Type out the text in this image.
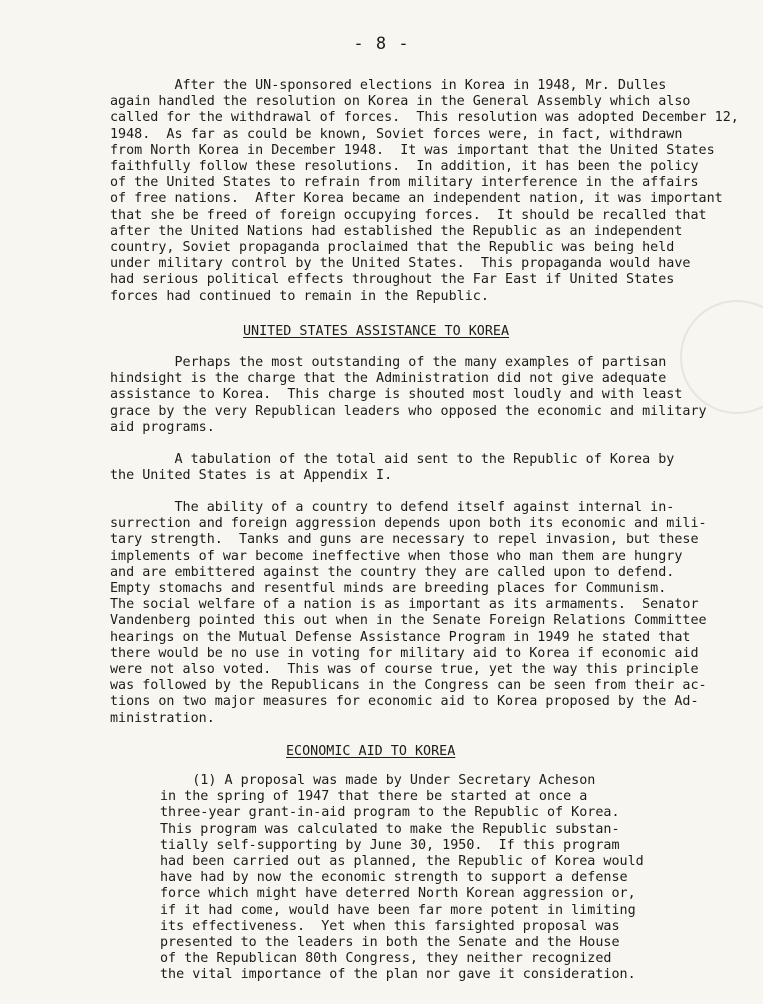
- 8 -

After the UN-sponsored elections in Korea in 1948, Mr. Dulles
again handled the resolution on Korea in the General Assembly which also
called for the withdrawal of forces.  This resolution was adopted December 12,
1948.  As far as could be known, Soviet forces were, in fact, withdrawn
from North Korea in December 1948.  It was important that the United States
faithfully follow these resolutions.  In addition, it has been the policy
of the United States to refrain from military interference in the affairs
of free nations.  After Korea became an independent nation, it was important
that she be freed of foreign occupying forces.  It should be recalled that
after the United Nations had established the Republic as an independent
country, Soviet propaganda proclaimed that the Republic was being held
under military control by the United States.  This propaganda would have
had serious political effects throughout the Far East if United States
forces had continued to remain in the Republic.

UNITED STATES ASSISTANCE TO KOREA

Perhaps the most outstanding of the many examples of partisan
hindsight is the charge that the Administration did not give adequate
assistance to Korea.  This charge is shouted most loudly and with least
grace by the very Republican leaders who opposed the economic and military
aid programs.

A tabulation of the total aid sent to the Republic of Korea by
the United States is at Appendix I.

The ability of a country to defend itself against internal in-
surrection and foreign aggression depends upon both its economic and mili-
tary strength.  Tanks and guns are necessary to repel invasion, but these
implements of war become ineffective when those who man them are hungry
and are embittered against the country they are called upon to defend.
Empty stomachs and resentful minds are breeding places for Communism.
The social welfare of a nation is as important as its armaments.  Senator
Vandenberg pointed this out when in the Senate Foreign Relations Committee
hearings on the Mutual Defense Assistance Program in 1949 he stated that
there would be no use in voting for military aid to Korea if economic aid
were not also voted.  This was of course true, yet the way this principle
was followed by the Republicans in the Congress can be seen from their ac-
tions on two major measures for economic aid to Korea proposed by the Ad-
ministration.

ECONOMIC AID TO KOREA

(1) A proposal was made by Under Secretary Acheson
in the spring of 1947 that there be started at once a
three-year grant-in-aid program to the Republic of Korea.
This program was calculated to make the Republic substan-
tially self-supporting by June 30, 1950.  If this program
had been carried out as planned, the Republic of Korea would
have had by now the economic strength to support a defense
force which might have deterred North Korean aggression or,
if it had come, would have been far more potent in limiting
its effectiveness.  Yet when this farsighted proposal was
presented to the leaders in both the Senate and the House
of the Republican 80th Congress, they neither recognized
the vital importance of the plan nor gave it consideration.
